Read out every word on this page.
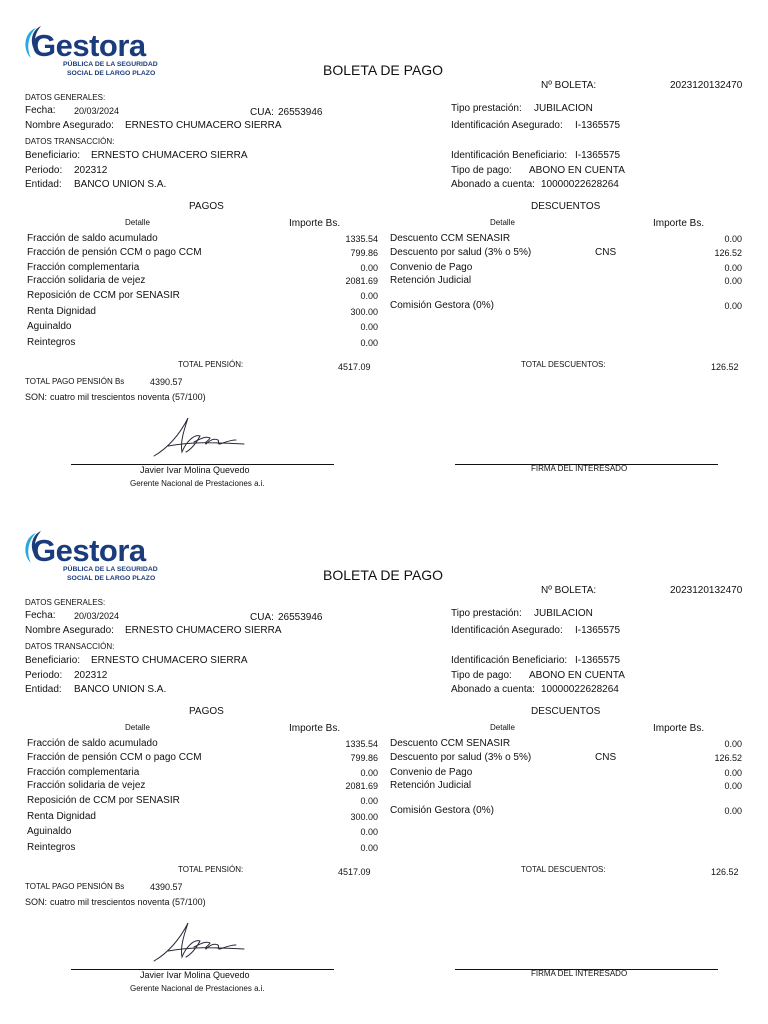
Gestora
PÚBLICA DE LA SEGURIDAD
SOCIAL DE LARGO PLAZO	BOLETA DE PAGO
Nº BOLETA:	2023120132470
DATOS GENERALES:
Fecha: 20/03/2024	CUA: 26553946	Tipo prestación: JUBILACION
Nombre Asegurado: ERNESTO CHUMACERO SIERRA	Identificación Asegurado: I-1365575
DATOS TRANSACCIÓN:
Beneficiario: ERNESTO CHUMACERO SIERRA	Identificación Beneficiario: I-1365575
Periodo: 202312	Tipo de pago: ABONO EN CUENTA
Entidad: BANCO UNION S.A.	Abonado a cuenta: 10000022628264
PAGOS
Detalle	Importe Bs.
Fracción de saldo acumulado	1335.54
Fracción de pensión CCM o pago CCM	799.86
Fracción complementaria	0.00
Fracción solidaria de vejez	2081.69
Reposición de CCM por SENASIR	0.00
Renta Dignidad	300.00
Aguinaldo	0.00
Reintegros	0.00
TOTAL PENSIÓN:	4517.09
DESCUENTOS
Detalle	Importe Bs.
Descuento CCM SENASIR	0.00
Descuento por salud (3% o 5%)	CNS	126.52
Convenio de Pago	0.00
Retención Judicial	0.00
Comisión Gestora (0%)	0.00
TOTAL DESCUENTOS:	126.52
TOTAL PAGO PENSIÓN Bs	4390.57
SON: cuatro mil trescientos noventa (57/100)
Javier Ivar Molina Quevedo
Gerente Nacional de Prestaciones a.i.
FIRMA DEL INTERESADO
Gestora
PÚBLICA DE LA SEGURIDAD
SOCIAL DE LARGO PLAZO	BOLETA DE PAGO
Nº BOLETA:	2023120132470
DATOS GENERALES:
Fecha: 20/03/2024	CUA: 26553946	Tipo prestación: JUBILACION
Nombre Asegurado: ERNESTO CHUMACERO SIERRA	Identificación Asegurado: I-1365575
DATOS TRANSACCIÓN:
Beneficiario: ERNESTO CHUMACERO SIERRA	Identificación Beneficiario: I-1365575
Periodo: 202312	Tipo de pago: ABONO EN CUENTA
Entidad: BANCO UNION S.A.	Abonado a cuenta: 10000022628264
PAGOS
Detalle	Importe Bs.
Fracción de saldo acumulado	1335.54
Fracción de pensión CCM o pago CCM	799.86
Fracción complementaria	0.00
Fracción solidaria de vejez	2081.69
Reposición de CCM por SENASIR	0.00
Renta Dignidad	300.00
Aguinaldo	0.00
Reintegros	0.00
TOTAL PENSIÓN:	4517.09
DESCUENTOS
Detalle	Importe Bs.
Descuento CCM SENASIR	0.00
Descuento por salud (3% o 5%)	CNS	126.52
Convenio de Pago	0.00
Retención Judicial	0.00
Comisión Gestora (0%)	0.00
TOTAL DESCUENTOS:	126.52
TOTAL PAGO PENSIÓN Bs	4390.57
SON: cuatro mil trescientos noventa (57/100)
Javier Ivar Molina Quevedo
Gerente Nacional de Prestaciones a.i.
FIRMA DEL INTERESADO
